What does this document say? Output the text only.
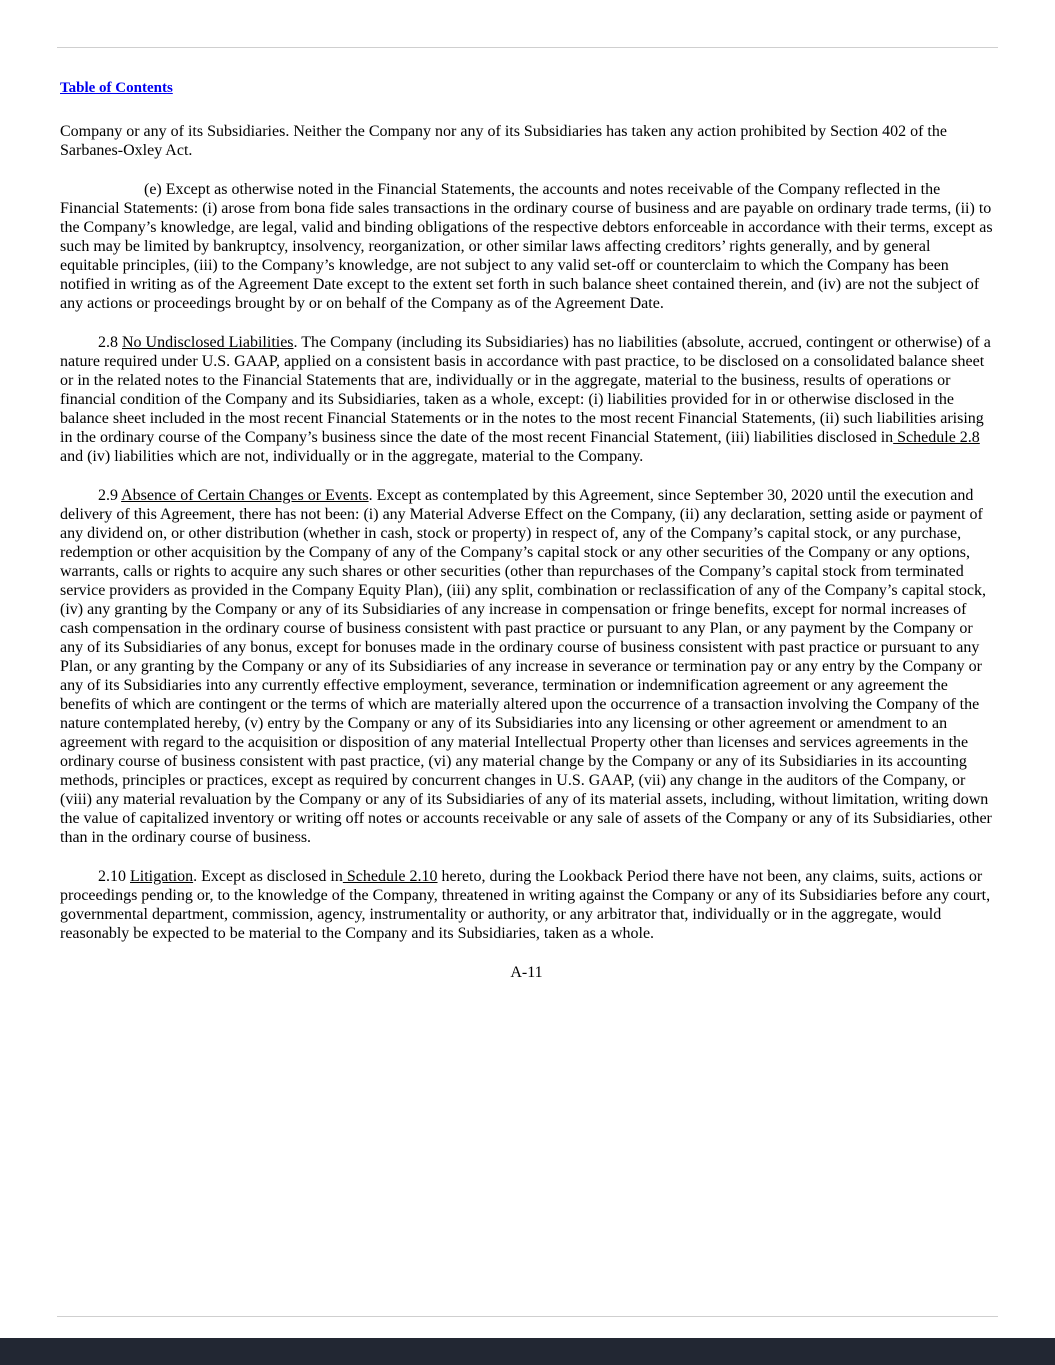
Table of Contents

Company or any of its Subsidiaries. Neither the Company nor any of its Subsidiaries has taken any action prohibited by Section 402 of the Sarbanes-Oxley Act.

(e) Except as otherwise noted in the Financial Statements, the accounts and notes receivable of the Company reflected in the Financial Statements: (i) arose from bona fide sales transactions in the ordinary course of business and are payable on ordinary trade terms, (ii) to the Company’s knowledge, are legal, valid and binding obligations of the respective debtors enforceable in accordance with their terms, except as such may be limited by bankruptcy, insolvency, reorganization, or other similar laws affecting creditors’ rights generally, and by general equitable principles, (iii) to the Company’s knowledge, are not subject to any valid set-off or counterclaim to which the Company has been notified in writing as of the Agreement Date except to the extent set forth in such balance sheet contained therein, and (iv) are not the subject of any actions or proceedings brought by or on behalf of the Company as of the Agreement Date.

2.8 No Undisclosed Liabilities. The Company (including its Subsidiaries) has no liabilities (absolute, accrued, contingent or otherwise) of a nature required under U.S. GAAP, applied on a consistent basis in accordance with past practice, to be disclosed on a consolidated balance sheet or in the related notes to the Financial Statements that are, individually or in the aggregate, material to the business, results of operations or financial condition of the Company and its Subsidiaries, taken as a whole, except: (i) liabilities provided for in or otherwise disclosed in the balance sheet included in the most recent Financial Statements or in the notes to the most recent Financial Statements, (ii) such liabilities arising in the ordinary course of the Company’s business since the date of the most recent Financial Statement, (iii) liabilities disclosed in Schedule 2.8 and (iv) liabilities which are not, individually or in the aggregate, material to the Company.

2.9 Absence of Certain Changes or Events. Except as contemplated by this Agreement, since September 30, 2020 until the execution and delivery of this Agreement, there has not been: (i) any Material Adverse Effect on the Company, (ii) any declaration, setting aside or payment of any dividend on, or other distribution (whether in cash, stock or property) in respect of, any of the Company’s capital stock, or any purchase, redemption or other acquisition by the Company of any of the Company’s capital stock or any other securities of the Company or any options, warrants, calls or rights to acquire any such shares or other securities (other than repurchases of the Company’s capital stock from terminated service providers as provided in the Company Equity Plan), (iii) any split, combination or reclassification of any of the Company’s capital stock, (iv) any granting by the Company or any of its Subsidiaries of any increase in compensation or fringe benefits, except for normal increases of cash compensation in the ordinary course of business consistent with past practice or pursuant to any Plan, or any payment by the Company or any of its Subsidiaries of any bonus, except for bonuses made in the ordinary course of business consistent with past practice or pursuant to any Plan, or any granting by the Company or any of its Subsidiaries of any increase in severance or termination pay or any entry by the Company or any of its Subsidiaries into any currently effective employment, severance, termination or indemnification agreement or any agreement the benefits of which are contingent or the terms of which are materially altered upon the occurrence of a transaction involving the Company of the nature contemplated hereby, (v) entry by the Company or any of its Subsidiaries into any licensing or other agreement or amendment to an agreement with regard to the acquisition or disposition of any material Intellectual Property other than licenses and services agreements in the ordinary course of business consistent with past practice, (vi) any material change by the Company or any of its Subsidiaries in its accounting methods, principles or practices, except as required by concurrent changes in U.S. GAAP, (vii) any change in the auditors of the Company, or (viii) any material revaluation by the Company or any of its Subsidiaries of any of its material assets, including, without limitation, writing down the value of capitalized inventory or writing off notes or accounts receivable or any sale of assets of the Company or any of its Subsidiaries, other than in the ordinary course of business.

2.10 Litigation. Except as disclosed in Schedule 2.10 hereto, during the Lookback Period there have not been, any claims, suits, actions or proceedings pending or, to the knowledge of the Company, threatened in writing against the Company or any of its Subsidiaries before any court, governmental department, commission, agency, instrumentality or authority, or any arbitrator that, individually or in the aggregate, would reasonably be expected to be material to the Company and its Subsidiaries, taken as a whole.

A-11
